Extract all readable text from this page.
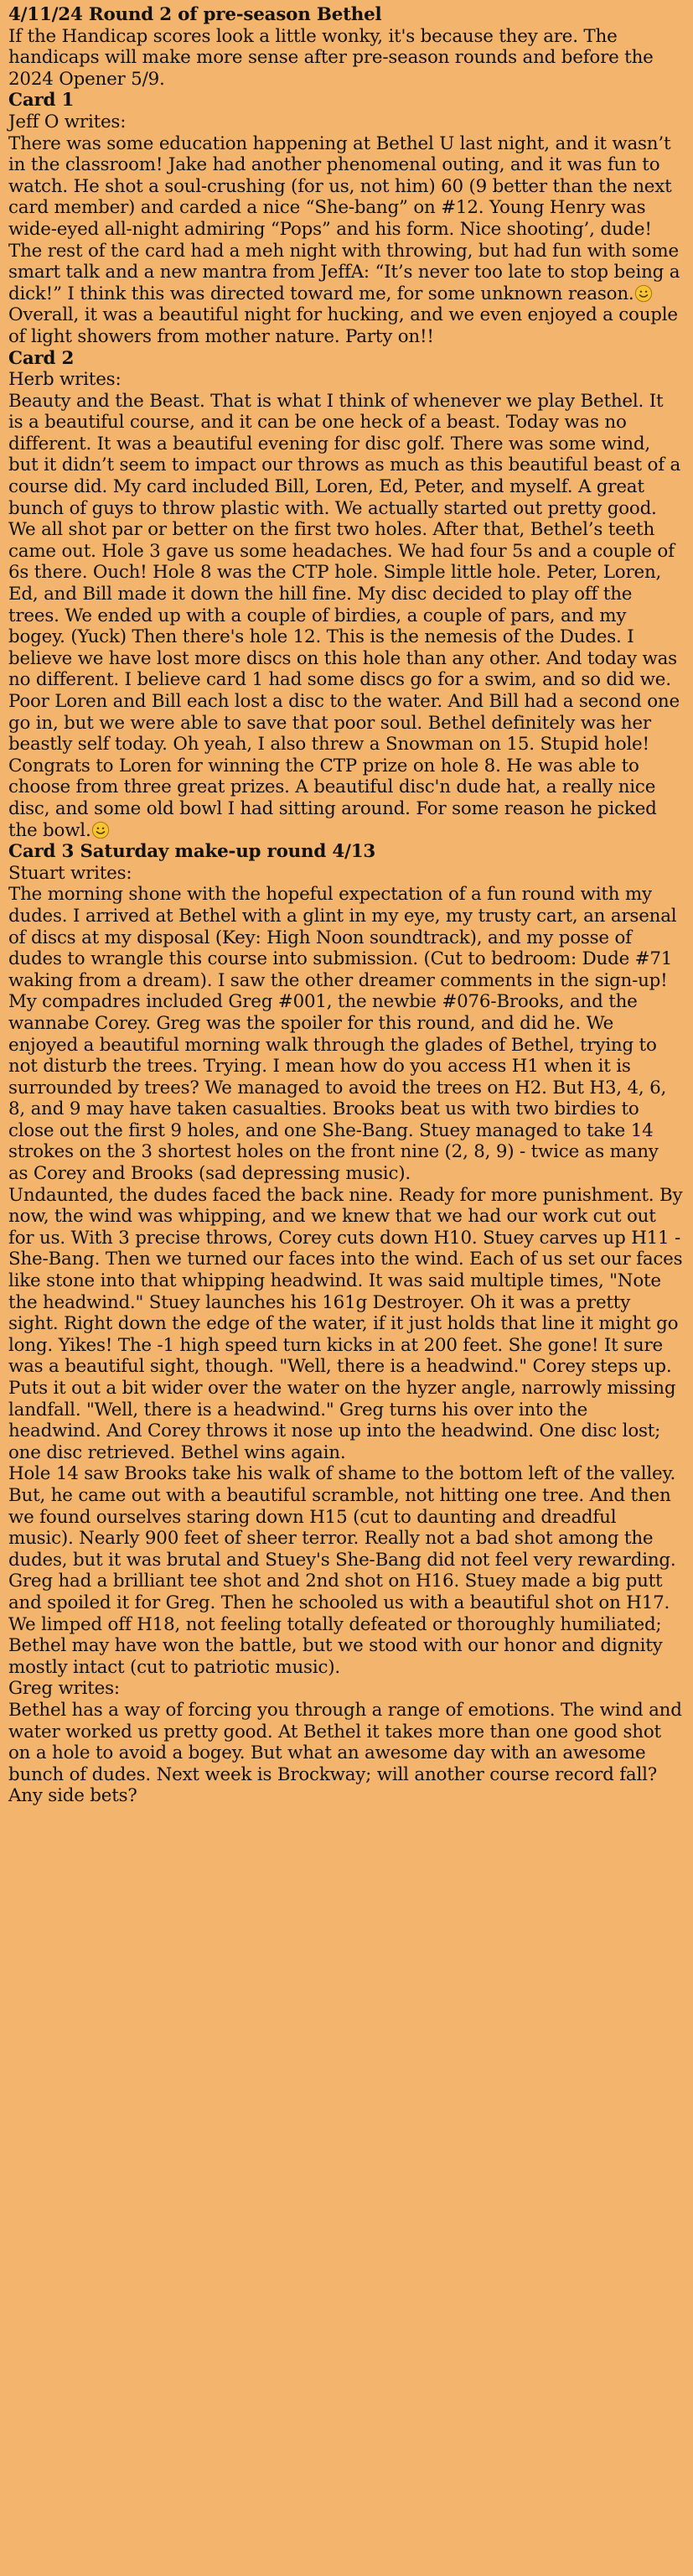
4/11/24 Round 2 of pre-season Bethel
If the Handicap scores look a little wonky, it's because they are. The handicaps will make more sense after pre-season rounds and before the 2024 Opener 5/9.
Card 1
Jeff O writes:
There was some education happening at Bethel U last night, and it wasn’t in the classroom! Jake had another phenomenal outing, and it was fun to watch. He shot a soul-crushing (for us, not him) 60 (9 better than the next card member) and carded a nice “She-bang” on #12. Young Henry was wide-eyed all-night admiring “Pops” and his form. Nice shooting’, dude! The rest of the card had a meh night with throwing, but had fun with some smart talk and a new mantra from JeffA: “It’s never too late to stop being a dick!” I think this was directed toward me, for some unknown reason. Overall, it was a beautiful night for hucking, and we even enjoyed a couple of light showers from mother nature. Party on!!
Card 2
Herb writes:
Beauty and the Beast. That is what I think of whenever we play Bethel. It is a beautiful course, and it can be one heck of a beast. Today was no different. It was a beautiful evening for disc golf. There was some wind, but it didn’t seem to impact our throws as much as this beautiful beast of a course did. My card included Bill, Loren, Ed, Peter, and myself. A great bunch of guys to throw plastic with. We actually started out pretty good. We all shot par or better on the first two holes. After that, Bethel’s teeth came out. Hole 3 gave us some headaches. We had four 5s and a couple of 6s there. Ouch! Hole 8 was the CTP hole. Simple little hole. Peter, Loren, Ed, and Bill made it down the hill fine. My disc decided to play off the trees. We ended up with a couple of birdies, a couple of pars, and my bogey. (Yuck) Then there's hole 12. This is the nemesis of the Dudes. I believe we have lost more discs on this hole than any other. And today was no different. I believe card 1 had some discs go for a swim, and so did we. Poor Loren and Bill each lost a disc to the water. And Bill had a second one go in, but we were able to save that poor soul. Bethel definitely was her beastly self today. Oh yeah, I also threw a Snowman on 15. Stupid hole! Congrats to Loren for winning the CTP prize on hole 8. He was able to choose from three great prizes. A beautiful disc'n dude hat, a really nice disc, and some old bowl I had sitting around. For some reason he picked the bowl.
Card 3 Saturday make-up round 4/13
Stuart writes:
The morning shone with the hopeful expectation of a fun round with my dudes. I arrived at Bethel with a glint in my eye, my trusty cart, an arsenal of discs at my disposal (Key: High Noon soundtrack), and my posse of dudes to wrangle this course into submission. (Cut to bedroom: Dude #71 waking from a dream). I saw the other dreamer comments in the sign-up!
My compadres included Greg #001, the newbie #076-Brooks, and the wannabe Corey. Greg was the spoiler for this round, and did he. We enjoyed a beautiful morning walk through the glades of Bethel, trying to not disturb the trees. Trying. I mean how do you access H1 when it is surrounded by trees? We managed to avoid the trees on H2. But H3, 4, 6, 8, and 9 may have taken casualties. Brooks beat us with two birdies to close out the first 9 holes, and one She-Bang. Stuey managed to take 14 strokes on the 3 shortest holes on the front nine (2, 8, 9) - twice as many as Corey and Brooks (sad depressing music).
Undaunted, the dudes faced the back nine. Ready for more punishment. By now, the wind was whipping, and we knew that we had our work cut out for us. With 3 precise throws, Corey cuts down H10. Stuey carves up H11 - She-Bang. Then we turned our faces into the wind. Each of us set our faces like stone into that whipping headwind. It was said multiple times, "Note the headwind." Stuey launches his 161g Destroyer. Oh it was a pretty sight. Right down the edge of the water, if it just holds that line it might go long. Yikes! The -1 high speed turn kicks in at 200 feet. She gone! It sure was a beautiful sight, though. "Well, there is a headwind." Corey steps up. Puts it out a bit wider over the water on the hyzer angle, narrowly missing landfall. "Well, there is a headwind." Greg turns his over into the headwind. And Corey throws it nose up into the headwind. One disc lost; one disc retrieved. Bethel wins again.
Hole 14 saw Brooks take his walk of shame to the bottom left of the valley. But, he came out with a beautiful scramble, not hitting one tree. And then we found ourselves staring down H15 (cut to daunting and dreadful music). Nearly 900 feet of sheer terror. Really not a bad shot among the dudes, but it was brutal and Stuey's She-Bang did not feel very rewarding. Greg had a brilliant tee shot and 2nd shot on H16. Stuey made a big putt and spoiled it for Greg. Then he schooled us with a beautiful shot on H17. We limped off H18, not feeling totally defeated or thoroughly humiliated; Bethel may have won the battle, but we stood with our honor and dignity mostly intact (cut to patriotic music).
Greg writes:
Bethel has a way of forcing you through a range of emotions. The wind and water worked us pretty good. At Bethel it takes more than one good shot on a hole to avoid a bogey. But what an awesome day with an awesome bunch of dudes. Next week is Brockway; will another course record fall? Any side bets?
